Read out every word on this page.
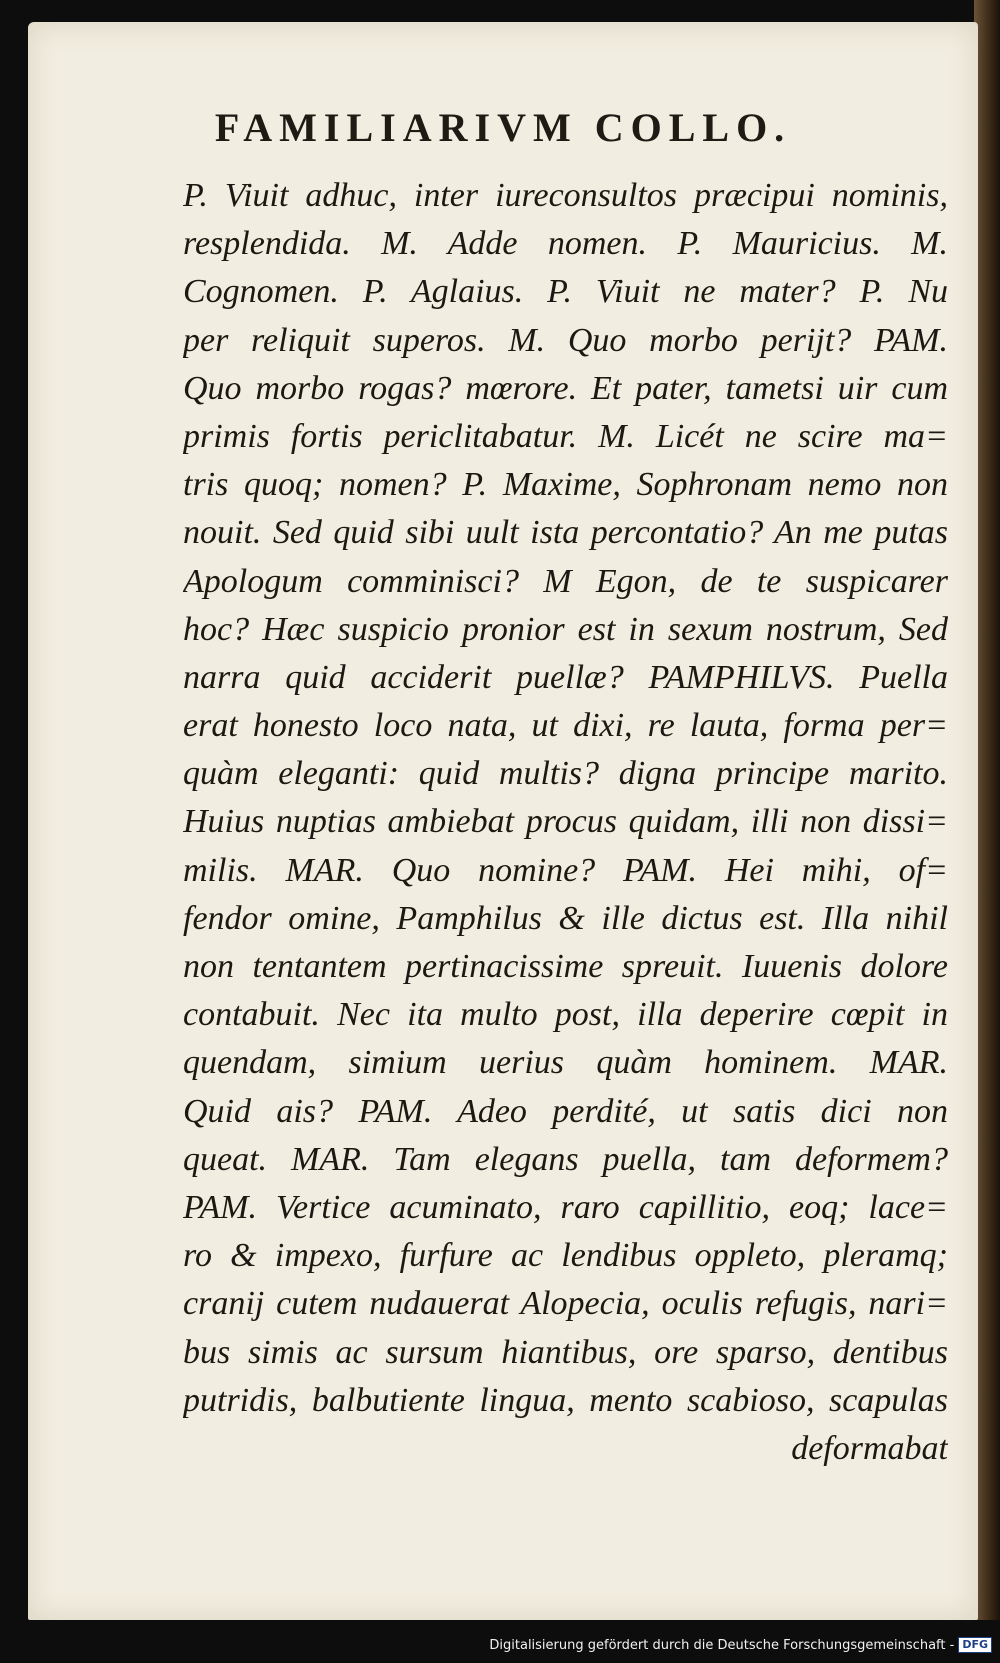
FAMILIARIVM COLLO.
P. Viuit adhuc, inter iureconsultos præcipui nominis,
resplendida. M. Adde nomen. P. Mauricius. M.
Cognomen. P. Aglaius. P. Viuit ne mater? P. Nu
per reliquit superos. M. Quo morbo perijt? PAM.
Quo morbo rogas? mœrore. Et pater, tametsi uir cum
primis fortis periclitabatur. M. Licét ne scire ma=
tris quoq; nomen? P. Maxime, Sophronam nemo non
nouit. Sed quid sibi uult ista percontatio? An me putas
Apologum comminisci? M Egon, de te suspicarer
hoc? Hæc suspicio pronior est in sexum nostrum, Sed
narra quid acciderit puellæ? PAMPHILVS. Puella
erat honesto loco nata, ut dixi, re lauta, forma per=
quàm eleganti: quid multis? digna principe marito.
Huius nuptias ambiebat procus quidam, illi non dissi=
milis. MAR. Quo nomine? PAM. Hei mihi, of=
fendor omine, Pamphilus & ille dictus est. Illa nihil
non tentantem pertinacissime spreuit. Iuuenis dolore
contabuit. Nec ita multo post, illa deperire cœpit in
quendam, simium uerius quàm hominem. MAR.
Quid ais? PAM. Adeo perdité, ut satis dici non
queat. MAR. Tam elegans puella, tam deformem?
PAM. Vertice acuminato, raro capillitio, eoq; lace=
ro & impexo, furfure ac lendibus oppleto, pleramq;
cranij cutem nudauerat Alopecia, oculis refugis, nari=
bus simis ac sursum hiantibus, ore sparso, dentibus
putridis, balbutiente lingua, mento scabioso, scapulas
deformabat
Digitalisierung gefördert durch die Deutsche Forschungsgemeinschaft - DFG
